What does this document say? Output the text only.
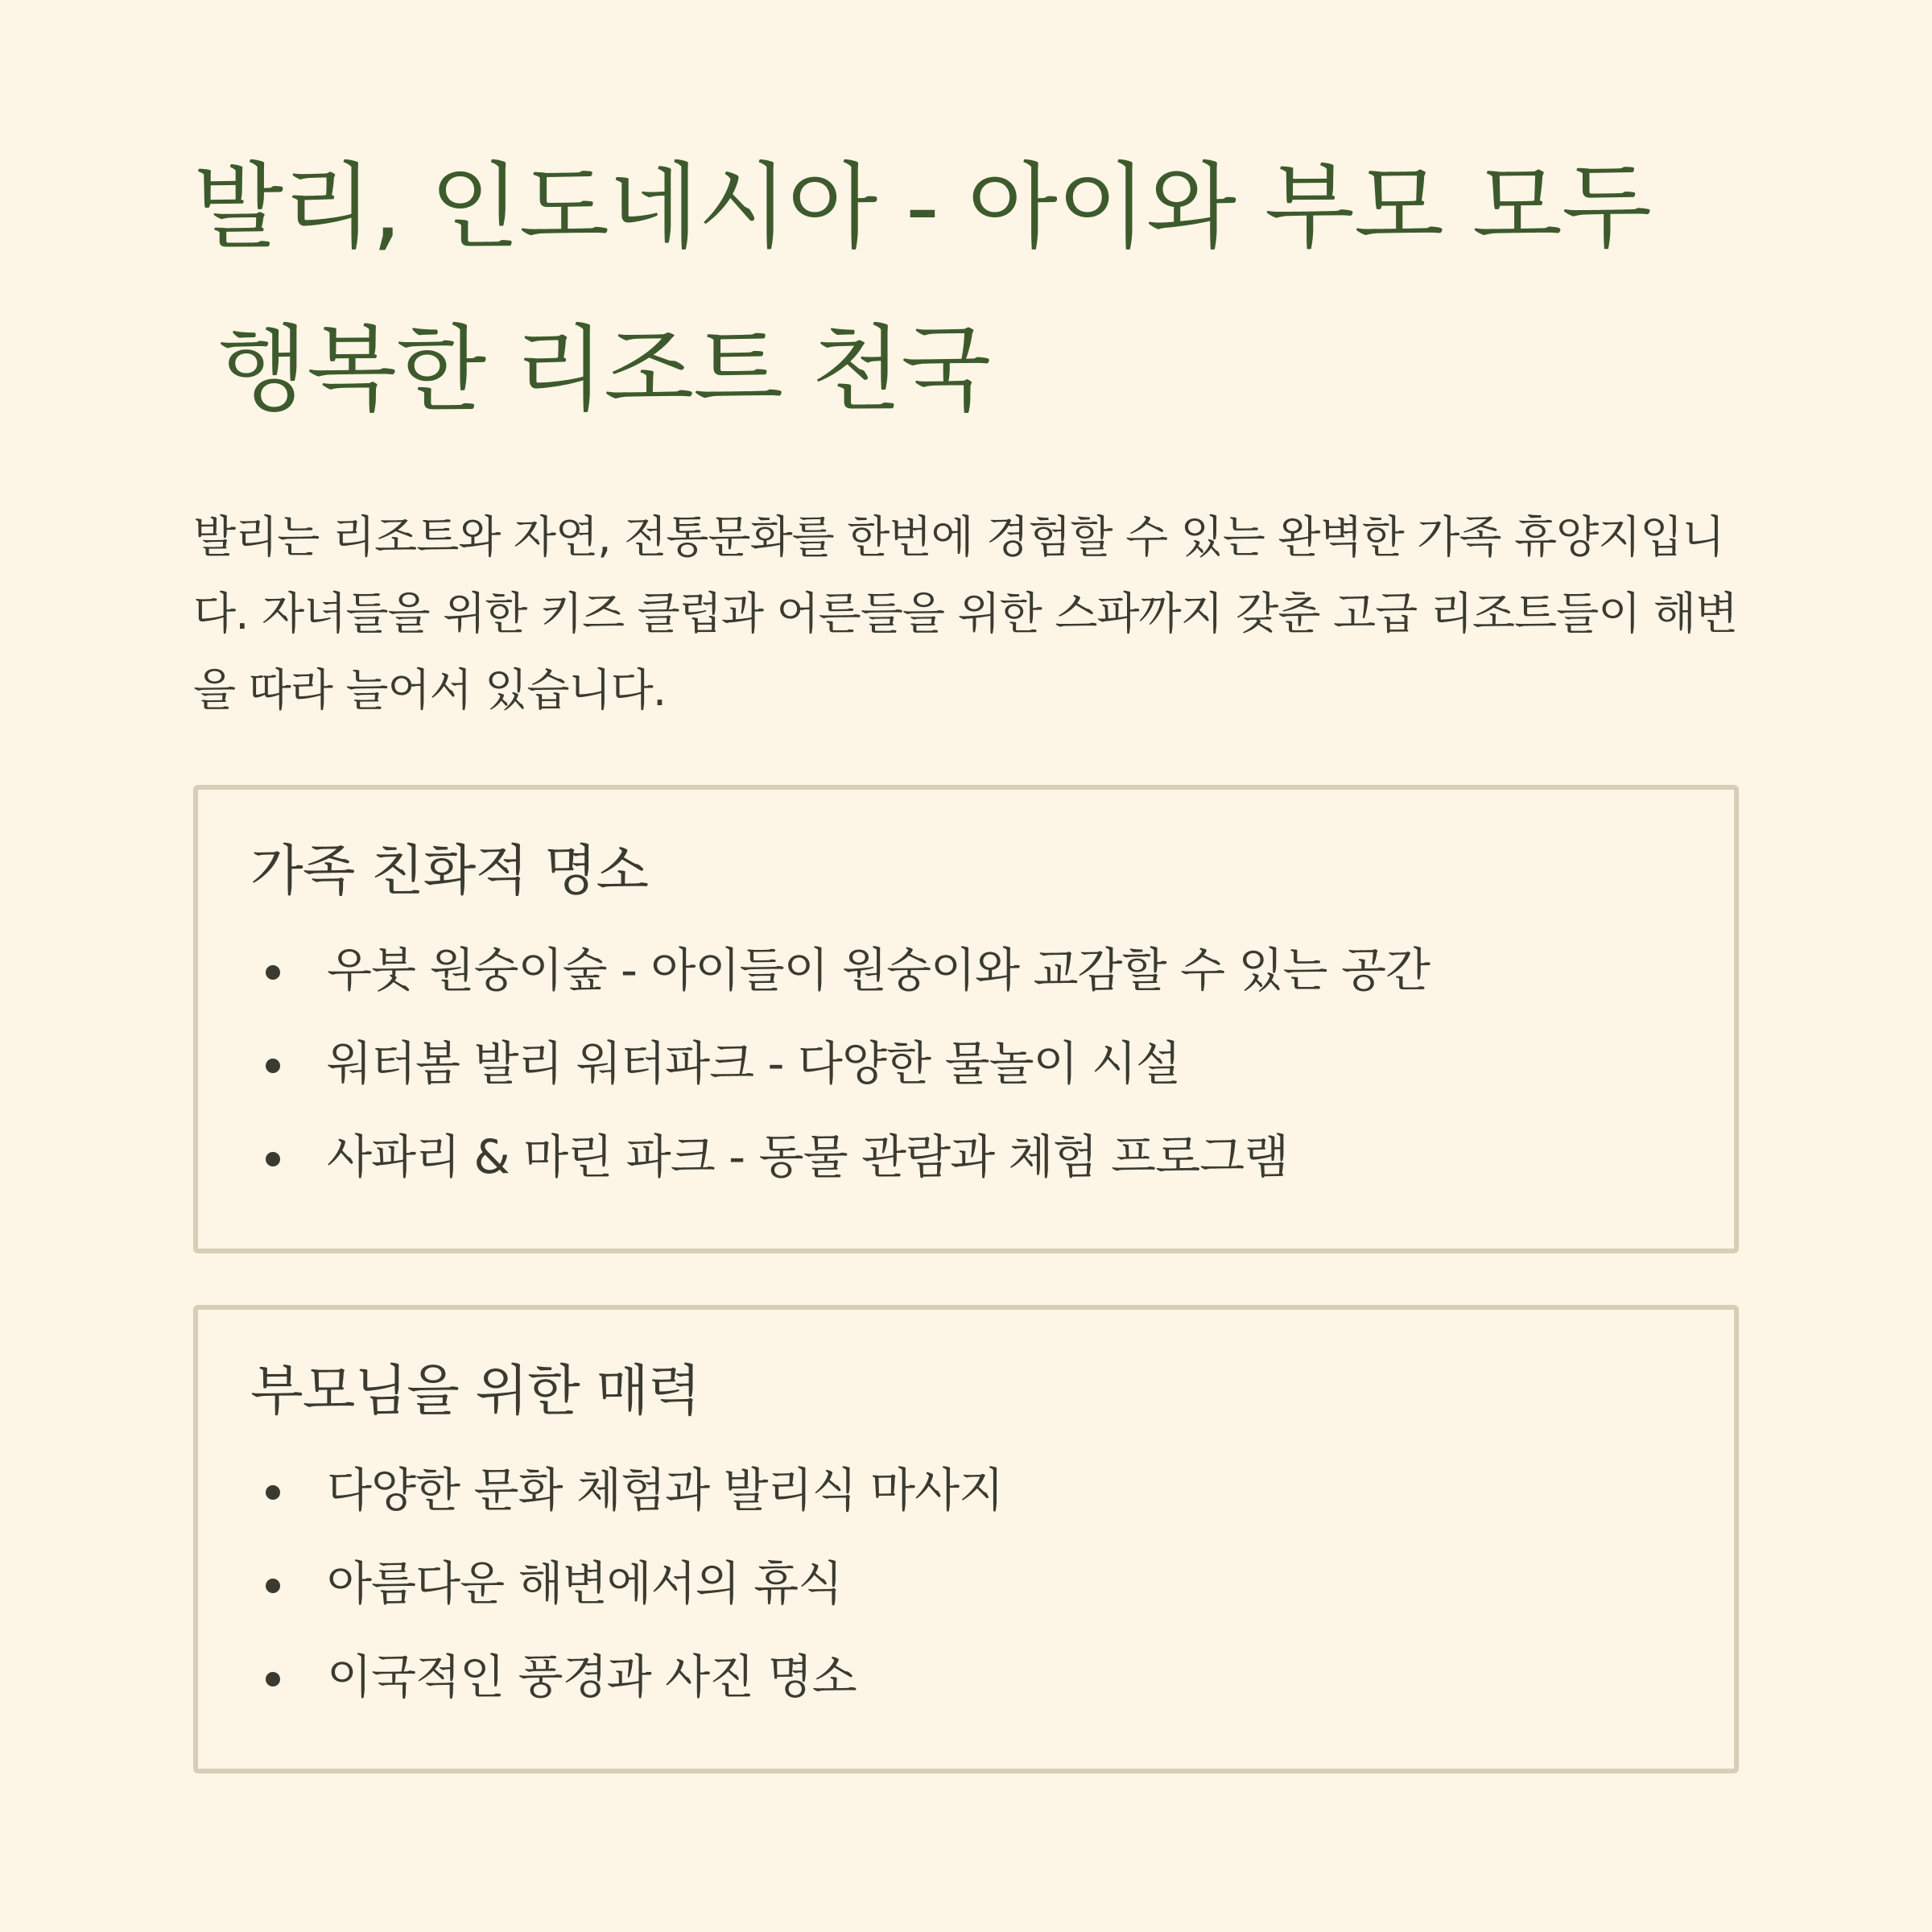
발리, 인도네시아 - 아이와 부모 모두
행복한 리조트 천국

발리는 리조트와 자연, 전통문화를 한번에 경험할 수 있는 완벽한 가족 휴양지입니다. 자녀들을 위한 키즈 클럽과 어른들을 위한 스파까지 갖춘 고급 리조트들이 해변을 따라 늘어서 있습니다.

가족 친화적 명소
우붓 원숭이숲 - 아이들이 원숭이와 교감할 수 있는 공간
워터봄 발리 워터파크 - 다양한 물놀이 시설
사파리 & 마린 파크 - 동물 관람과 체험 프로그램
부모님을 위한 매력
다양한 문화 체험과 발리식 마사지
아름다운 해변에서의 휴식
이국적인 풍경과 사진 명소
